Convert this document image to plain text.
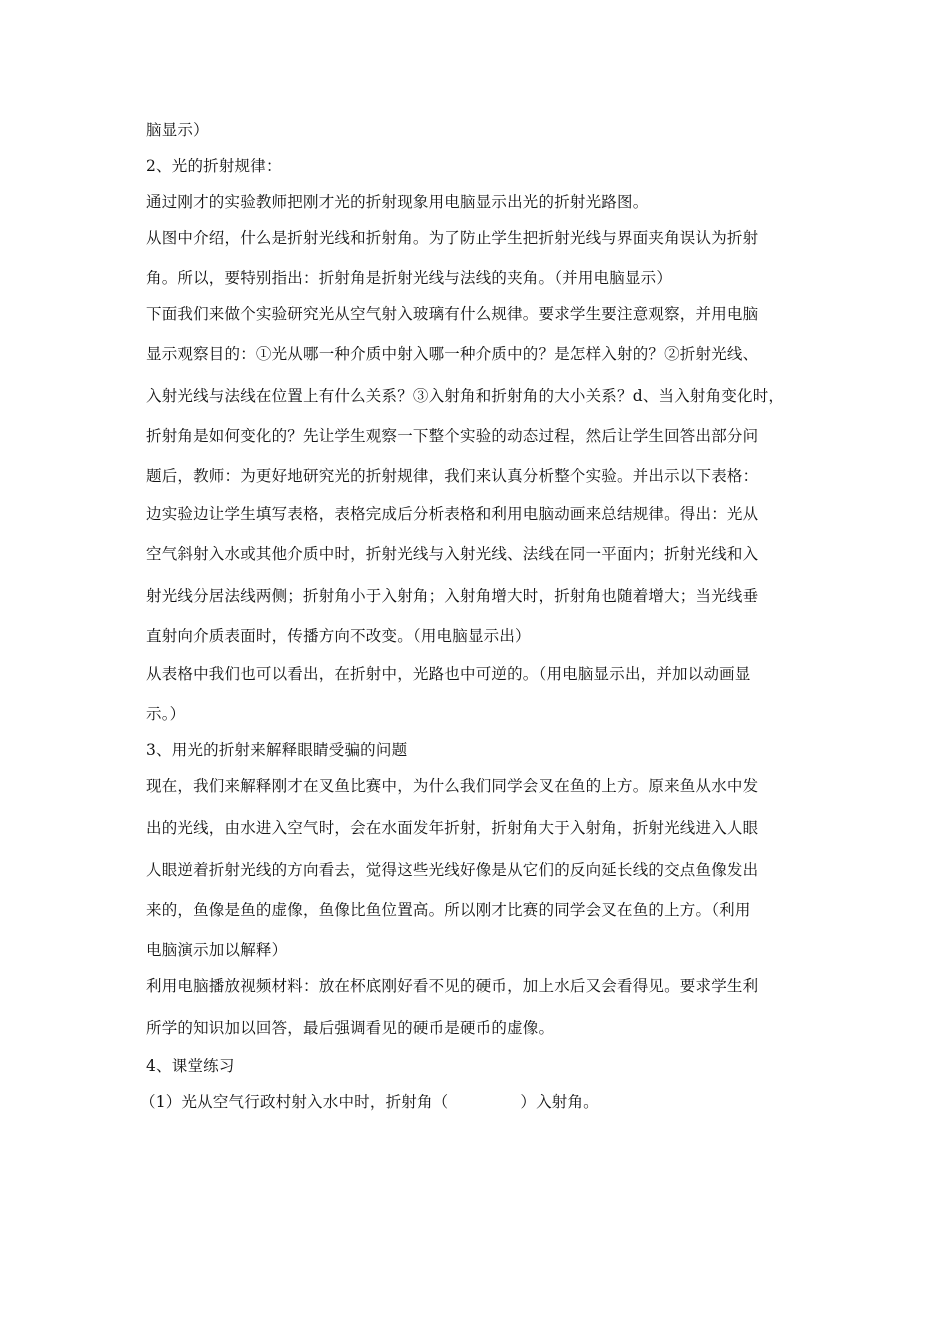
脑显示）
2、光的折射规律：
通过刚才的实验教师把刚才光的折射现象用电脑显示出光的折射光路图。
从图中介绍，什么是折射光线和折射角。为了防止学生把折射光线与界面夹角误认为折射
角。所以，要特别指出：折射角是折射光线与法线的夹角。（并用电脑显示）
下面我们来做个实验研究光从空气射入玻璃有什么规律。要求学生要注意观察，并用电脑
显示观察目的：①光从哪一种介质中射入哪一种介质中的？是怎样入射的？②折射光线、
入射光线与法线在位置上有什么关系？③入射角和折射角的大小关系？d、当入射角变化时，
折射角是如何变化的？先让学生观察一下整个实验的动态过程，然后让学生回答出部分问
题后，教师：为更好地研究光的折射规律，我们来认真分析整个实验。并出示以下表格：
边实验边让学生填写表格，表格完成后分析表格和利用电脑动画来总结规律。得出：光从
空气斜射入水或其他介质中时，折射光线与入射光线、法线在同一平面内；折射光线和入
射光线分居法线两侧；折射角小于入射角；入射角增大时，折射角也随着增大；当光线垂
直射向介质表面时，传播方向不改变。（用电脑显示出）
从表格中我们也可以看出，在折射中，光路也中可逆的。（用电脑显示出，并加以动画显
示。）
3、用光的折射来解释眼睛受骗的问题
现在，我们来解释刚才在叉鱼比赛中，为什么我们同学会叉在鱼的上方。原来鱼从水中发
出的光线，由水进入空气时，会在水面发年折射，折射角大于入射角，折射光线进入人眼
人眼逆着折射光线的方向看去，觉得这些光线好像是从它们的反向延长线的交点鱼像发出
来的，鱼像是鱼的虚像，鱼像比鱼位置高。所以刚才比赛的同学会叉在鱼的上方。（利用
电脑演示加以解释）
利用电脑播放视频材料：放在杯底刚好看不见的硬币，加上水后又会看得见。要求学生利
所学的知识加以回答，最后强调看见的硬币是硬币的虚像。
4、课堂练习
（1）光从空气行政村射入水中时，折射角（	）入射角。
